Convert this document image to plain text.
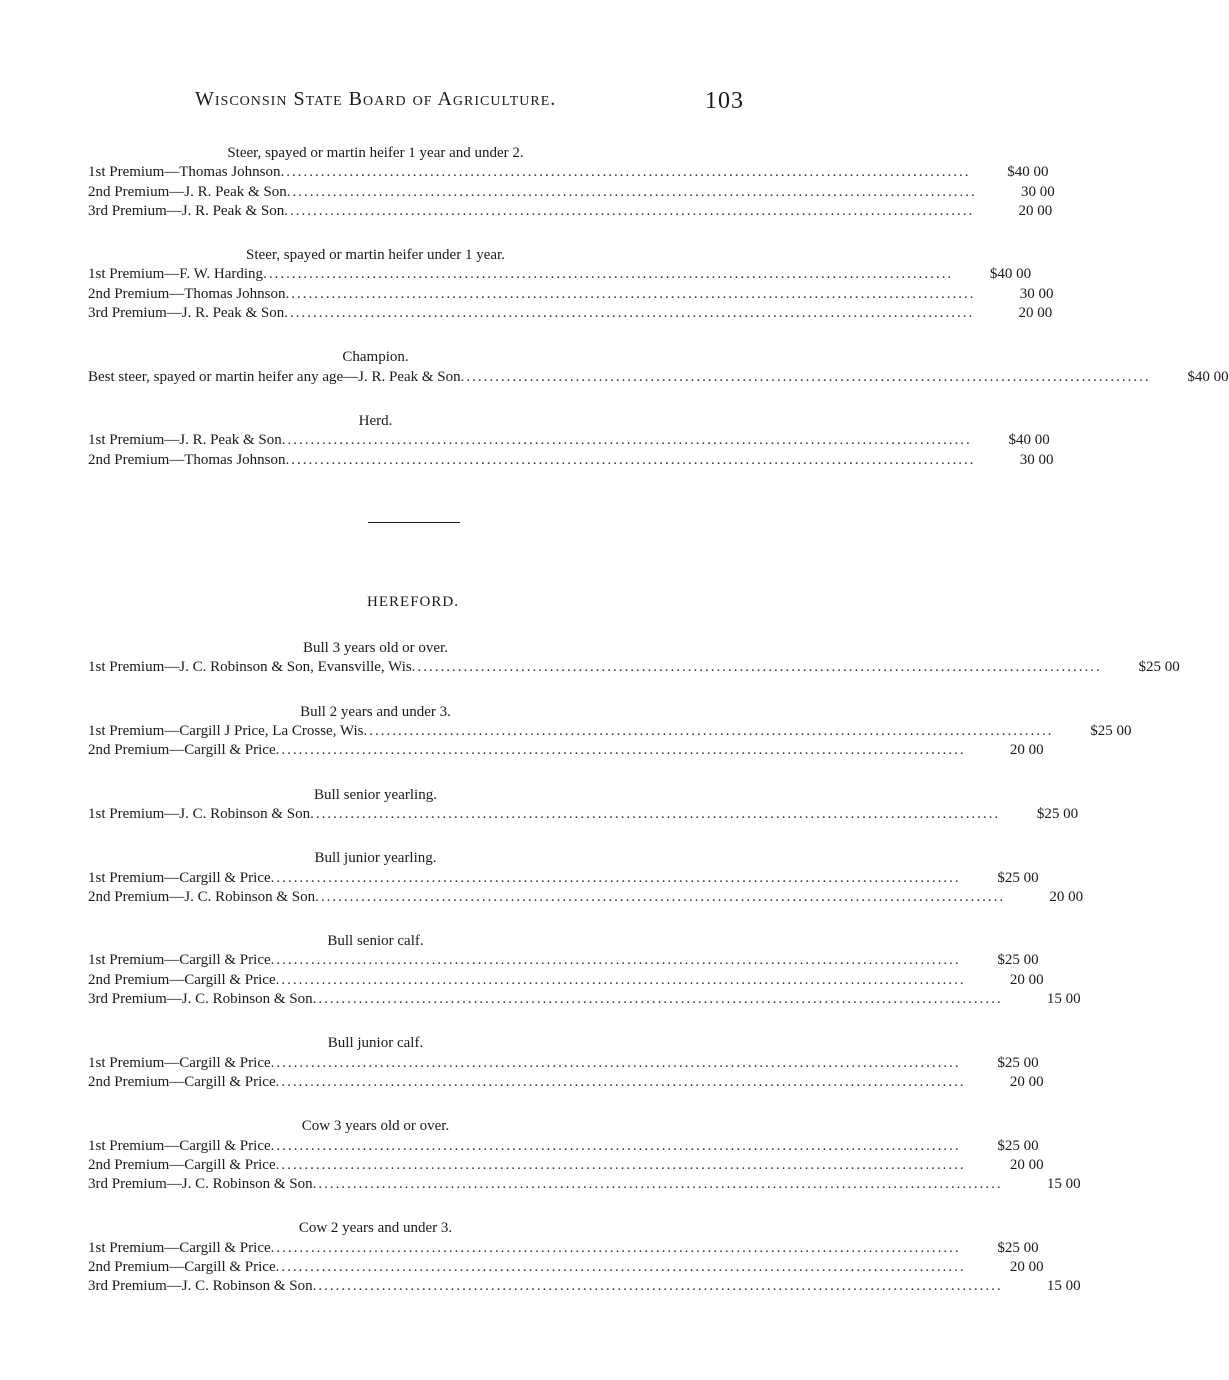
Wisconsin State Board of Agriculture.	103
Steer, spayed or martin heifer 1 year and under 2.
1st Premium—Thomas Johnson ........................................................................................................................	$40 00
2nd Premium—J. R. Peak & Son ........................................................................................................................	30 00
3rd Premium—J. R. Peak & Son ........................................................................................................................	20 00
Steer, spayed or martin heifer under 1 year.
1st Premium—F. W. Harding ........................................................................................................................	$40 00
2nd Premium—Thomas Johnson ........................................................................................................................	30 00
3rd Premium—J. R. Peak & Son ........................................................................................................................	20 00
Champion.
Best steer, spayed or martin heifer any age—J. R. Peak & Son ........................................................................................................................	$40 00
Herd.
1st Premium—J. R. Peak & Son ........................................................................................................................	$40 00
2nd Premium—Thomas Johnson ........................................................................................................................	30 00
HEREFORD.
Bull 3 years old or over.
1st Premium—J. C. Robinson & Son, Evansville, Wis ........................................................................................................................	$25 00
Bull 2 years and under 3.
1st Premium—Cargill J Price, La Crosse, Wis ........................................................................................................................	$25 00
2nd Premium—Cargill & Price ........................................................................................................................	20 00
Bull senior yearling.
1st Premium—J. C. Robinson & Son ........................................................................................................................	$25 00
Bull junior yearling.
1st Premium—Cargill & Price ........................................................................................................................	$25 00
2nd Premium—J. C. Robinson & Son ........................................................................................................................	20 00
Bull senior calf.
1st Premium—Cargill & Price ........................................................................................................................	$25 00
2nd Premium—Cargill & Price ........................................................................................................................	20 00
3rd Premium—J. C. Robinson & Son ........................................................................................................................	15 00
Bull junior calf.
1st Premium—Cargill & Price ........................................................................................................................	$25 00
2nd Premium—Cargill & Price ........................................................................................................................	20 00
Cow 3 years old or over.
1st Premium—Cargill & Price ........................................................................................................................	$25 00
2nd Premium—Cargill & Price ........................................................................................................................	20 00
3rd Premium—J. C. Robinson & Son ........................................................................................................................	15 00
Cow 2 years and under 3.
1st Premium—Cargill & Price ........................................................................................................................	$25 00
2nd Premium—Cargill & Price ........................................................................................................................	20 00
3rd Premium—J. C. Robinson & Son ........................................................................................................................	15 00
